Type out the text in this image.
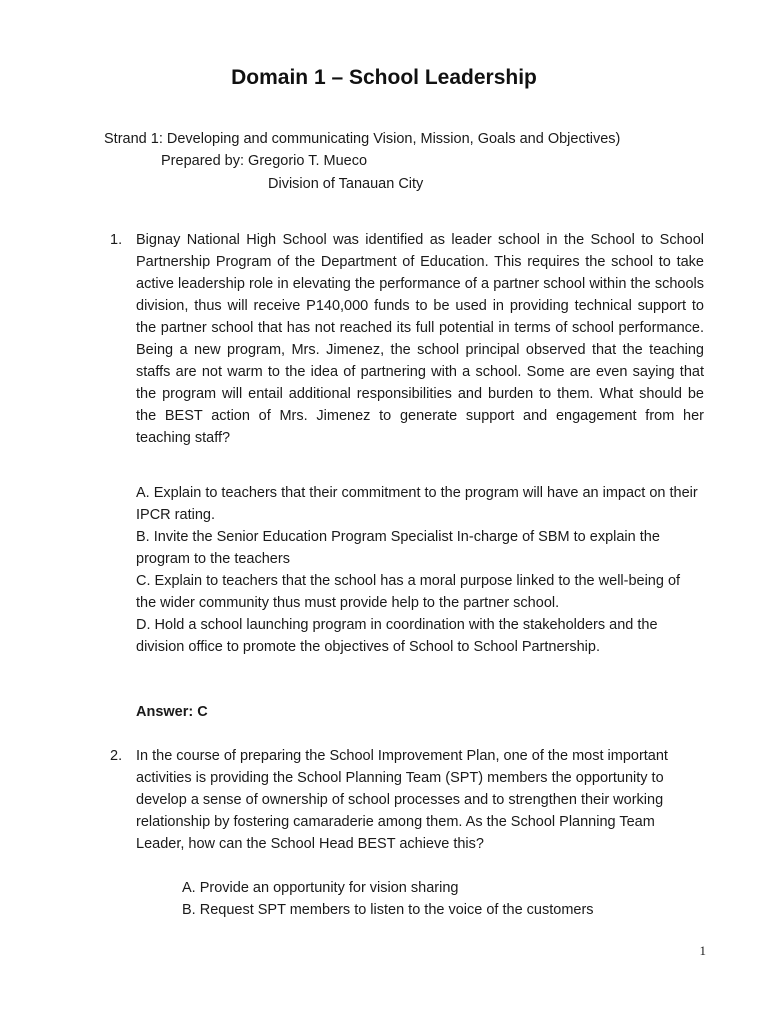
Domain 1 – School Leadership
Strand 1: Developing and communicating Vision, Mission, Goals and Objectives)
Prepared by: Gregorio T. Mueco
Division of Tanauan City
1. Bignay National High School was identified as leader school in the School to School Partnership Program of the Department of Education. This requires the school to take active leadership role in elevating the performance of a partner school within the schools division, thus will receive P140,000 funds to be used in providing technical support to the partner school that has not reached its full potential in terms of school performance. Being a new program, Mrs. Jimenez, the school principal observed that the teaching staffs are not warm to the idea of partnering with a school. Some are even saying that the program will entail additional responsibilities and burden to them. What should be the BEST action of Mrs. Jimenez to generate support and engagement from her teaching staff?

A. Explain to teachers that their commitment to the program will have an impact on their IPCR rating.

B. Invite the Senior Education Program Specialist In-charge of SBM to explain the program to the teachers

C. Explain to teachers that the school has a moral purpose linked to the well-being of the wider community thus must provide help to the partner school.

D. Hold a school launching program in coordination with the stakeholders and the division office to promote the objectives of School to School Partnership.

Answer: C
2. In the course of preparing the School Improvement Plan, one of the most important activities is providing the School Planning Team (SPT) members the opportunity to develop a sense of ownership of school processes and to strengthen their working relationship by fostering camaraderie among them. As the School Planning Team Leader, how can the School Head BEST achieve this?
A. Provide an opportunity for vision sharing
B. Request SPT members to listen to the voice of the customers
1
